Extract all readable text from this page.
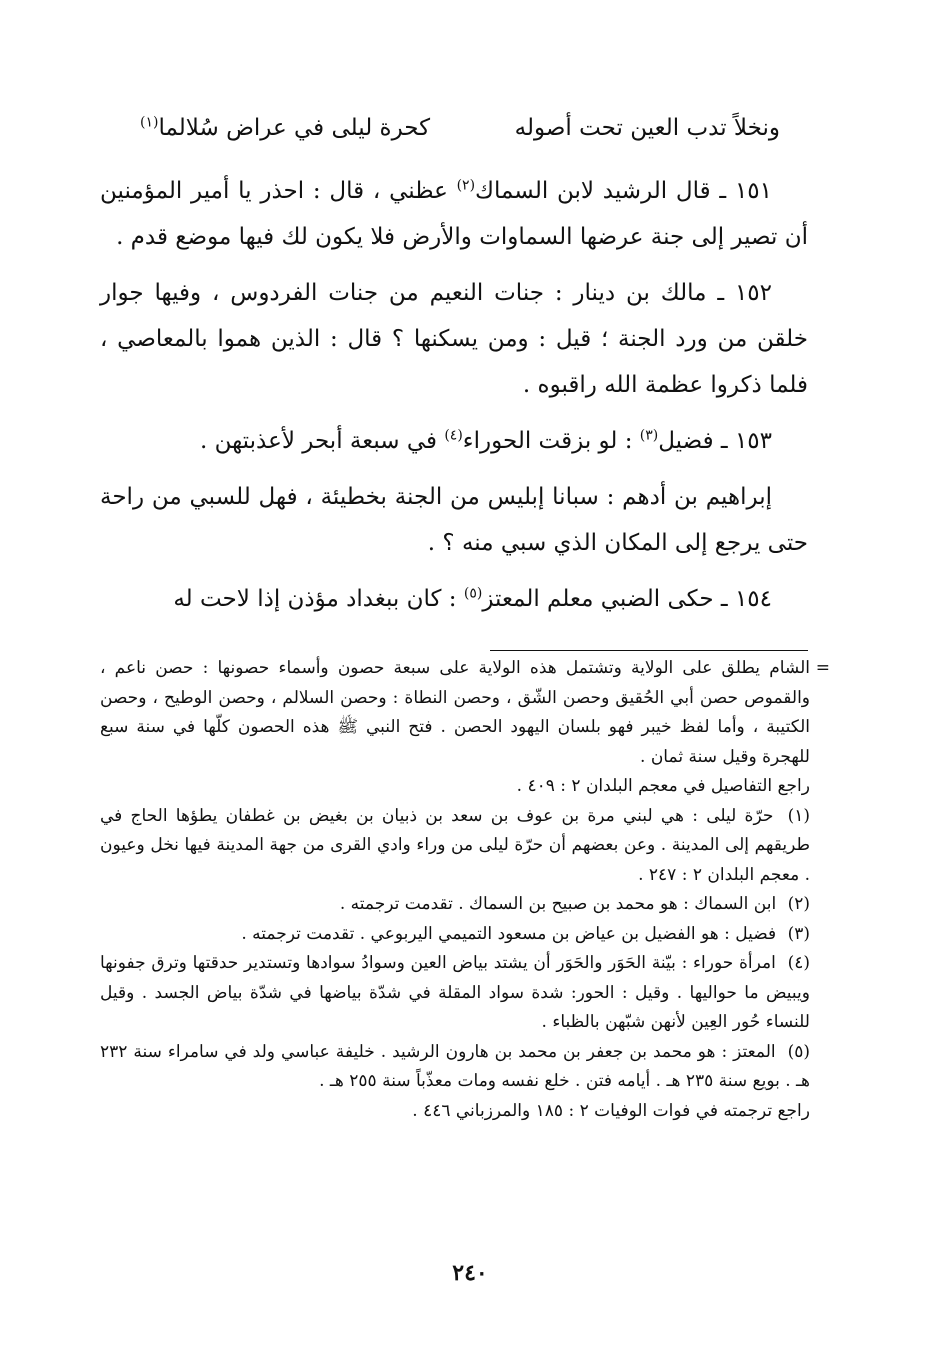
ونخلاً تدب العين تحت أصوله
كحرة ليلى في عراض سُلالما$^{(١)}$

١٥١ ـ قال الرشيد لابن السماك$^{(٢)}$ عظني ، قال : احذر يا أمير المؤمنين أن تصير إلى جنة عرضها السماوات والأرض فلا يكون لك فيها موضع قدم .

١٥٢ ـ مالك بن دينار : جنات النعيم من جنات الفردوس ، وفيها جوار خلقن من ورد الجنة ؛ قيل : ومن يسكنها ؟ قال : الذين هموا بالمعاصي ، فلما ذكروا عظمة الله راقبوه .

١٥٣ ـ فضيل$^{(٣)}$ : لو بزقت الحوراء$^{(٤)}$ في سبعة أبحر لأعذبتهن .

إبراهيم بن أدهم : سبانا إبليس من الجنة بخطيئة ، فهل للسبي من راحة حتى يرجع إلى المكان الذي سبي منه ؟ .

١٥٤ ـ حكى الضبي معلم المعتز$^{(٥)}$ : كان ببغداد مؤذن إذا لاحت له

=
الشام يطلق على الولاية وتشتمل هذه الولاية على سبعة حصون وأسماء حصونها : حصن ناعم ، والقموص حصن أبي الحُقيق وحصن الشّق ، وحصن النطاة : وحصن السلالم ، وحصن الوطيح ، وحصن الكتيبة ، وأما لفظ خيبر فهو بلسان اليهود الحصن . فتح النبي ﷺ هذه الحصون كلّها في سنة سبع للهجرة وقيل سنة ثمان .
راجع التفاصيل في معجم البلدان ٢ : ٤٠٩ .
(١) حرّة ليلى : هي لبني مرة بن عوف بن سعد بن ذبيان بن بغيض بن غطفان يطؤها الحاج في طريقهم إلى المدينة . وعن بعضهم أن حرّة ليلى من وراء وادي القرى من جهة المدينة فيها نخل وعيون . معجم البلدان ٢ : ٢٤٧ .
(٢) ابن السماك : هو محمد بن صبيح بن السماك . تقدمت ترجمته .
(٣) فضيل : هو الفضيل بن عياض بن مسعود التميمي اليربوعي . تقدمت ترجمته .
(٤) امرأة حوراء : بيّنة الحَوَر والحَوَر أن يشتد بياض العين وسوادُ سوادها وتستدير حدقتها وترق جفونها ويبيض ما حواليها . وقيل : الحور: شدة سواد المقلة في شدّة بياضها في شدّة بياض الجسد . وقيل للنساء حُور العِين لأنهن شبّهن بالظباء .
(٥) المعتز : هو محمد بن جعفر بن محمد بن هارون الرشيد . خليفة عباسي ولد في سامراء سنة ٢٣٢ هـ . بويع سنة ٢٣٥ هـ . أيامه فتن . خلع نفسه ومات معذّباً سنة ٢٥٥ هـ .
راجع ترجمته في فوات الوفيات ٢ : ١٨٥ والمرزباني ٤٤٦ .
٢٤٠
